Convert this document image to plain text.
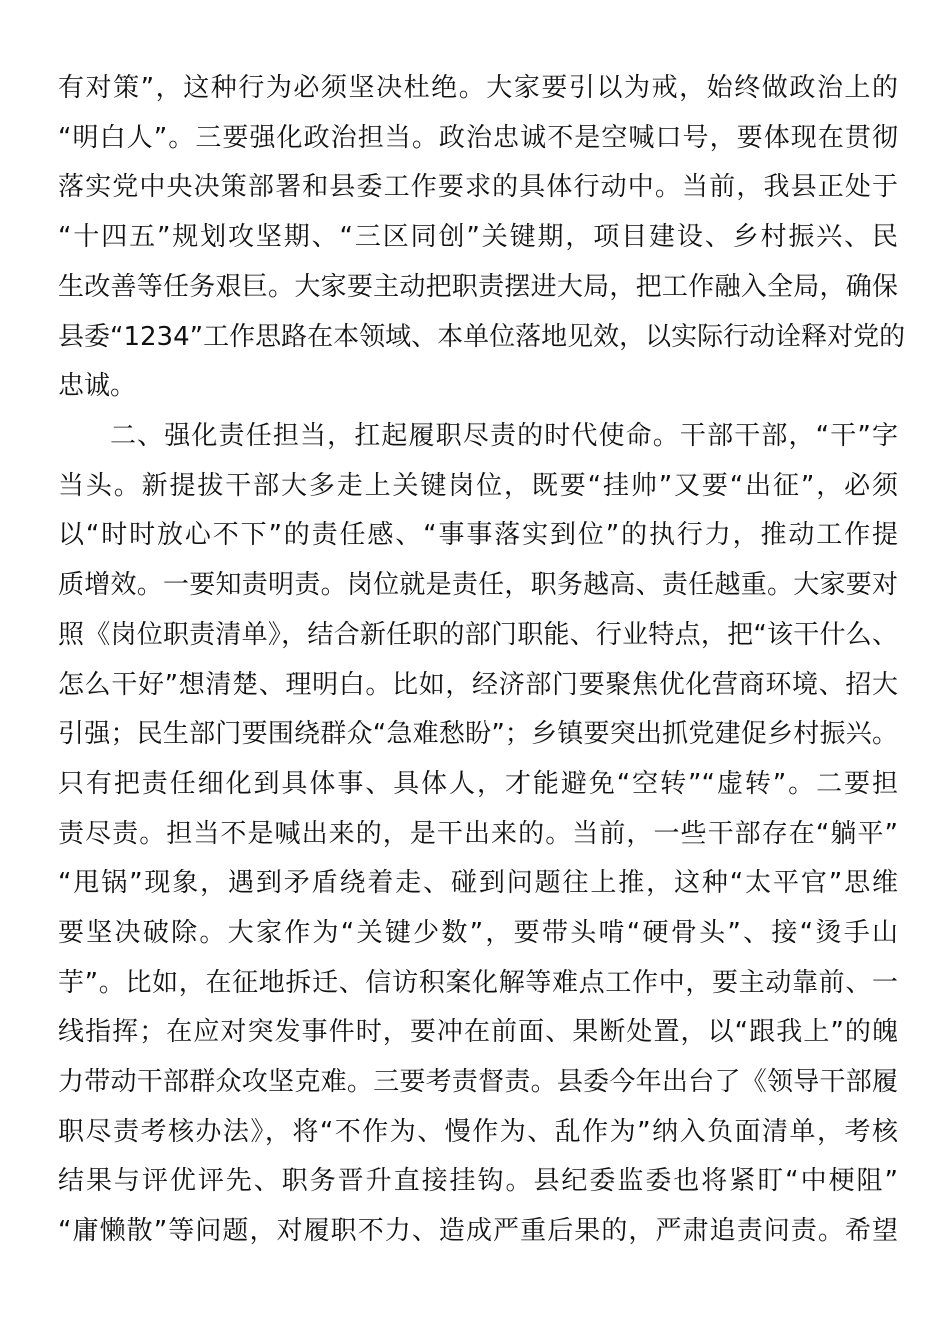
有对策”，这种行为必须坚决杜绝。大家要引以为戒，始终做政治上的
“明白人”。三要强化政治担当。政治忠诚不是空喊口号，要体现在贯彻
落实党中央决策部署和县委工作要求的具体行动中。当前，我县正处于
“十四五”规划攻坚期、“三区同创”关键期，项目建设、乡村振兴、民
生改善等任务艰巨。大家要主动把职责摆进大局，把工作融入全局，确保
县委“1234”工作思路在本领域、本单位落地见效，以实际行动诠释对党的
忠诚。
二、强化责任担当，扛起履职尽责的时代使命。干部干部，“干”字
当头。新提拔干部大多走上关键岗位，既要“挂帅”又要“出征”，必须
以“时时放心不下”的责任感、“事事落实到位”的执行力，推动工作提
质增效。一要知责明责。岗位就是责任，职务越高、责任越重。大家要对
照《岗位职责清单》，结合新任职的部门职能、行业特点，把“该干什么、
怎么干好”想清楚、理明白。比如，经济部门要聚焦优化营商环境、招大
引强；民生部门要围绕群众“急难愁盼”；乡镇要突出抓党建促乡村振兴。
只有把责任细化到具体事、具体人，才能避免“空转”“虚转”。二要担
责尽责。担当不是喊出来的，是干出来的。当前，一些干部存在“躺平”
“甩锅”现象，遇到矛盾绕着走、碰到问题往上推，这种“太平官”思维
要坚决破除。大家作为“关键少数”，要带头啃“硬骨头”、接“烫手山
芋”。比如，在征地拆迁、信访积案化解等难点工作中，要主动靠前、一
线指挥；在应对突发事件时，要冲在前面、果断处置，以“跟我上”的魄
力带动干部群众攻坚克难。三要考责督责。县委今年出台了《领导干部履
职尽责考核办法》，将“不作为、慢作为、乱作为”纳入负面清单，考核
结果与评优评先、职务晋升直接挂钩。县纪委监委也将紧盯“中梗阻”
“庸懒散”等问题，对履职不力、造成严重后果的，严肃追责问责。希望
